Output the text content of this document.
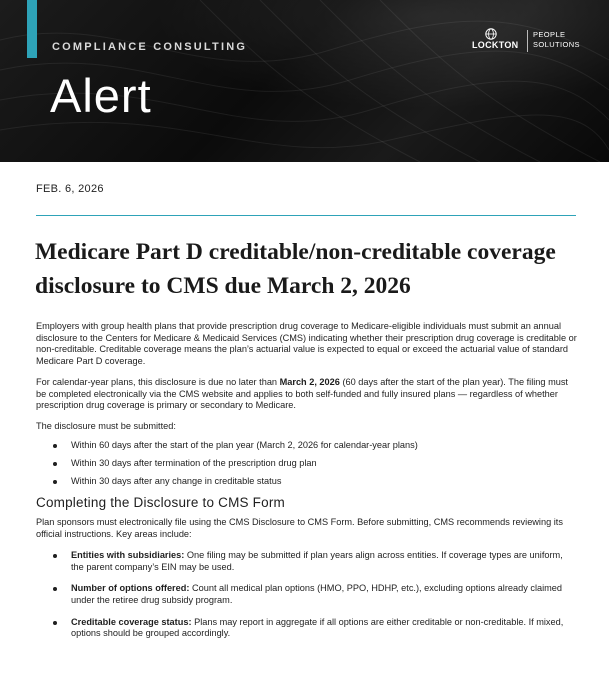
COMPLIANCE CONSULTING
Alert
LOCKTON
PEOPLE
SOLUTIONS
FEB. 6, 2026
Medicare Part D creditable/non-creditable coverage disclosure to CMS due March 2, 2026

Employers with group health plans that provide prescription drug coverage to Medicare-eligible individuals must submit an annual disclosure to the Centers for Medicare & Medicaid Services (CMS) indicating whether their prescription drug coverage is creditable or non-creditable. Creditable coverage means the plan’s actuarial value is expected to equal or exceed the actuarial value of standard Medicare Part D coverage.

For calendar-year plans, this disclosure is due no later than March 2, 2026 (60 days after the start of the plan year). The filing must be completed electronically via the CMS website and applies to both self-funded and fully insured plans — regardless of whether prescription drug coverage is primary or secondary to Medicare.

The disclosure must be submitted:

Within 60 days after the start of the plan year (March 2, 2026 for calendar-year plans)
Within 30 days after termination of the prescription drug plan
Within 30 days after any change in creditable status
Completing the Disclosure to CMS Form

Plan sponsors must electronically file using the CMS Disclosure to CMS Form. Before submitting, CMS recommends reviewing its official instructions. Key areas include:

Entities with subsidiaries: One filing may be submitted if plan years align across entities. If coverage types are uniform, the parent company’s EIN may be used.
Number of options offered: Count all medical plan options (HMO, PPO, HDHP, etc.), excluding options already claimed under the retiree drug subsidy program.
Creditable coverage status: Plans may report in aggregate if all options are either creditable or non-creditable. If mixed, options should be grouped accordingly.
